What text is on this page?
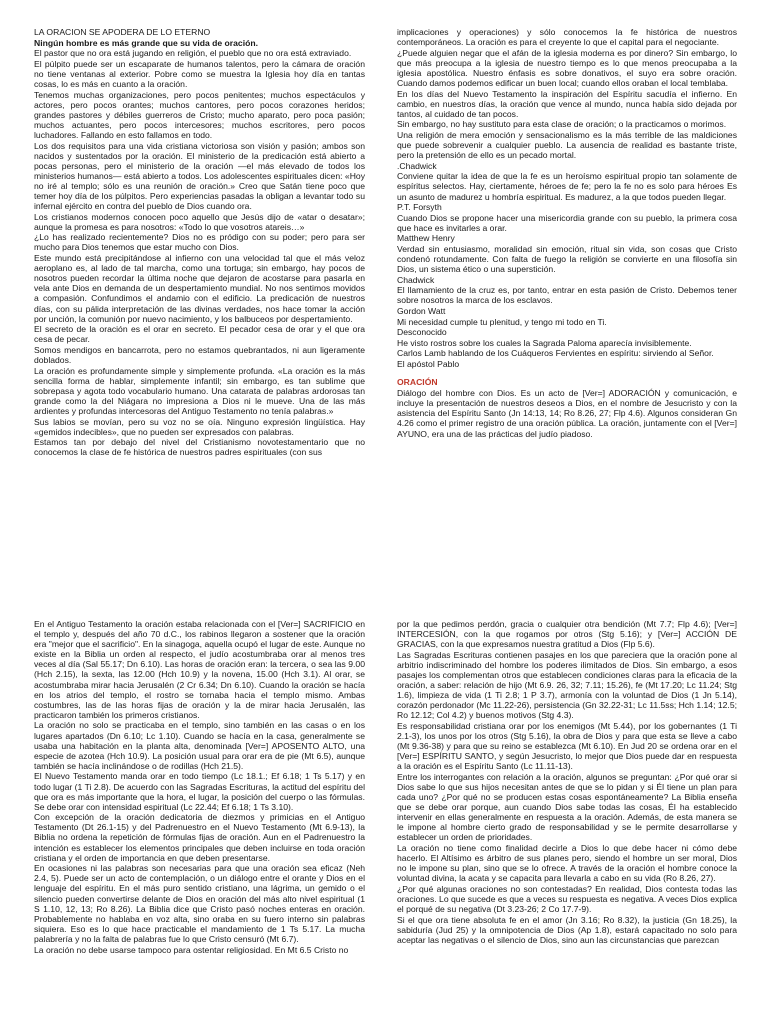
LA ORACION SE APODERA DE LO ETERNO

Ningún hombre es más grande que su vida de oración.

El pastor que no ora está jugando en religión, el pueblo que no ora está extraviado.

El púlpito puede ser un escaparate de humanos talentos, pero la cámara de oración no tiene ventanas al exterior. Pobre como se muestra la Iglesia hoy día en tantas cosas, lo es más en cuanto a la oración.

Tenemos muchas organizaciones, pero pocos penitentes; muchos espectáculos y actores, pero pocos orantes; muchos cantores, pero pocos corazones heridos; grandes pastores y débiles guerreros de Cristo; mucho aparato, pero poca pasión; muchos actuantes, pero pocos intercesores; muchos escritores, pero pocos luchadores. Fallando en esto fallamos en todo.

Los dos requisitos para una vida cristiana victoriosa son visión y pasión; ambos son nacidos y sustentados por la oración. El ministerio de la predicación está abierto a pocas personas, pero el ministerio de la oración —el más elevado de todos los ministerios humanos— está abierto a todos. Los adolescentes espirituales dicen: «Hoy no iré al templo; sólo es una reunión de oración.» Creo que Satán tiene poco que temer hoy día de los púlpitos. Pero experiencias pasadas la obligan a levantar todo su infernal ejército en contra del pueblo de Dios cuando ora.

Los cristianos modernos conocen poco aquello que Jesús dijo de «atar o desatar»; aunque la promesa es para nosotros: «Todo lo que vosotros atareis…»

¿Lo has realizado recientemente? Dios no es pródigo con su poder; pero para ser mucho para Dios tenemos que estar mucho con Dios.

Este mundo está precipitándose al infierno con una velocidad tal que el más veloz aeroplano es, al lado de tal marcha, como una tortuga; sin embargo, hay pocos de nosotros pueden recordar la última noche que dejaron de acostarse para pasarla en vela ante Dios en demanda de un despertamiento mundial. No nos sentimos movidos a compasión. Confundimos el andamio con el edificio. La predicación de nuestros días, con su pálida interpretación de las divinas verdades, nos hace tomar la acción por unción, la comunión por nuevo nacimiento, y los balbuceos por despertamiento.

El secreto de la oración es el orar en secreto. El pecador cesa de orar y el que ora cesa de pecar.

Somos mendigos en bancarrota, pero no estamos quebrantados, ni aun ligeramente doblados.

La oración es profundamente simple y simplemente profunda. «La oración es la más sencilla forma de hablar, simplemente infantil; sin embargo, es tan sublime que sobrepasa y agota todo vocabulario humano. Una catarata de palabras ardorosas tan grande como la del Niágara no impresiona a Dios ni le mueve. Una de las más ardientes y profundas intercesoras del Antiguo Testamento no tenía palabras.»

Sus labios se movían, pero su voz no se oía. Ninguno expresión lingüística. Hay «gemidos indecibles», que no pueden ser expresados con palabras.

Estamos tan por debajo del nivel del Cristianismo novotestamentario que no conocemos la clase de fe histórica de nuestros padres espirituales (con sus

implicaciones y operaciones) y sólo conocemos la fe histórica de nuestros contemporáneos. La oración es para el creyente lo que el capital para el negociante.

¿Puede alguien negar que el afán de la iglesia moderna es por dinero? Sin embargo, lo que más preocupa a la iglesia de nuestro tiempo es lo que menos preocupaba a la iglesia apostólica. Nuestro énfasis es sobre donativos, el suyo era sobre oración. Cuando damos podemos edificar un buen local; cuando ellos oraban el local temblaba.

En los días del Nuevo Testamento la inspiración del Espíritu sacudía el infierno. En cambio, en nuestros días, la oración que vence al mundo, nunca había sido dejada por tantos, al cuidado de tan pocos.

Sin embargo, no hay sustituto para esta clase de oración; o la practicamos o morimos.

Una religión de mera emoción y sensacionalismo es la más terrible de las maldiciones que puede sobrevenir a cualquier pueblo. La ausencia de realidad es bastante triste, pero la pretensión de ello es un pecado mortal.

.Chadwick

Conviene quitar la idea de que la fe es un heroísmo espiritual propio tan solamente de espíritus selectos. Hay, ciertamente, héroes de fe; pero la fe no es solo para héroes Es un asunto de madurez u hombría espiritual. Es madurez, a la que todos pueden llegar.

P.T. Forsyth

Cuando Dios se propone hacer una misericordia grande con su pueblo, la primera cosa que hace es invitarles a orar.

Matthew Henry

Verdad sin entusiasmo, moralidad sin emoción, ritual sin vida, son cosas que Cristo condenó rotundamente. Con falta de fuego la religión se convierte en una filosofía sin Dios, un sistema ético o una superstición.

Chadwick

El llamamiento de la cruz es, por tanto, entrar en esta pasión de Cristo. Debemos tener sobre nosotros la marca de los esclavos.

Gordon Watt

Mi necesidad cumple tu plenitud, y tengo mi todo en Ti.

Desconocido

He visto rostros sobre los cuales la Sagrada Paloma aparecía invisiblemente.

Carlos Lamb hablando de los Cuáqueros Fervientes en espíritu: sirviendo al Señor.

El apóstol Pablo

ORACIÓN

Diálogo del hombre con Dios. Es un acto de [Ver=] ADORACIÓN y comunicación, e incluye la presentación de nuestros deseos a Dios, en el nombre de Jesucristo y con la asistencia del Espíritu Santo (Jn 14:13, 14; Ro 8.26, 27; Flp 4.6). Algunos consideran Gn 4.26 como el primer registro de una oración pública. La oración, juntamente con el [Ver=] AYUNO, era una de las prácticas del judío piadoso.

En el Antiguo Testamento la oración estaba relacionada con el [Ver=] SACRIFICIO en el templo y, después del año 70 d.C., los rabinos llegaron a sostener que la oración era "mejor que el sacrificio". En la sinagoga, aquella ocupó el lugar de este. Aunque no existe en la Biblia un orden al respecto, el judío acostumbraba orar al menos tres veces al día (Sal 55.17; Dn 6.10). Las horas de oración eran: la tercera, o sea las 9.00 (Hch 2.15), la sexta, las 12.00 (Hch 10.9) y la novena, 15.00 (Hch 3.1). Al orar, se acostumbraba mirar hacia Jerusalén (2 Cr 6.34; Dn 6.10). Cuando la oración se hacía en los atrios del templo, el rostro se tornaba hacia el templo mismo. Ambas costumbres, las de las horas fijas de oración y la de mirar hacia Jerusalén, las practicaron también los primeros cristianos.

La oración no solo se practicaba en el templo, sino también en las casas o en los lugares apartados (Dn 6.10; Lc 1.10). Cuando se hacía en la casa, generalmente se usaba una habitación en la planta alta, denominada [Ver=] APOSENTO ALTO, una especie de azotea (Hch 10.9). La posición usual para orar era de pie (Mt 6.5), aunque también se hacía inclinándose o de rodillas (Hch 21.5).

El Nuevo Testamento manda orar en todo tiempo (Lc 18.1.; Ef 6.18; 1 Ts 5.17) y en todo lugar (1 Ti 2.8). De acuerdo con las Sagradas Escrituras, la actitud del espíritu del que ora es más importante que la hora, el lugar, la posición del cuerpo o las fórmulas. Se debe orar con intensidad espiritual (Lc 22.44; Ef 6.18; 1 Ts 3.10).

Con excepción de la oración dedicatoria de diezmos y primicias en el Antiguo Testamento (Dt 26.1-15) y del Padrenuestro en el Nuevo Testamento (Mt 6.9-13), la Biblia no ordena la repetición de fórmulas fijas de oración. Aun en el Padrenuestro la intención es establecer los elementos principales que deben incluirse en toda oración cristiana y el orden de importancia en que deben presentarse.

En ocasiones ni las palabras son necesarias para que una oración sea eficaz (Neh 2.4, 5). Puede ser un acto de contemplación, o un diálogo entre el orante y Dios en el lenguaje del espíritu. En el más puro sentido cristiano, una lágrima, un gemido o el silencio pueden convertirse delante de Dios en oración del más alto nivel espiritual (1 S 1.10, 12, 13; Ro 8.26). La Biblia dice que Cristo pasó noches enteras en oración. Probablemente no hablaba en voz alta, sino oraba en su fuero interno sin palabras siquiera. Eso es lo que hace practicable el mandamiento de 1 Ts 5.17. La mucha palabrería y no la falta de palabras fue lo que Cristo censuró (Mt 6.7).

La oración no debe usarse tampoco para ostentar religiosidad. En Mt 6.5 Cristo no

por la que pedimos perdón, gracia o cualquier otra bendición (Mt 7.7; Flp 4.6); [Ver=] INTERCESIÓN, con la que rogamos por otros (Stg 5.16); y [Ver=] ACCIÓN DE GRACIAS, con la que expresamos nuestra gratitud a Dios (Flp 5.6).

Las Sagradas Escrituras contienen pasajes en los que pareciera que la oración pone al arbitrio indiscriminado del hombre los poderes ilimitados de Dios. Sin embargo, a esos pasajes los complementan otros que establecen condiciones claras para la eficacia de la oración, a saber: relación de hijo (Mt 6.9. 26, 32; 7.11; 15.26), fe (Mt 17.20; Lc 11.24; Stg 1.6), limpieza de vida (1 Ti 2.8; 1 P 3.7), armonía con la voluntad de Dios (1 Jn 5.14), corazón perdonador (Mc 11.22-26), persistencia (Gn 32.22-31; Lc 11.5ss; Hch 1.14; 12.5; Ro 12.12; Col 4.2) y buenos motivos (Stg 4.3).

Es responsabilidad cristiana orar por los enemigos (Mt 5.44), por los gobernantes (1 Ti 2.1-3), los unos por los otros (Stg 5.16), la obra de Dios y para que esta se lleve a cabo (Mt 9.36-38) y para que su reino se establezca (Mt 6.10). En Jud 20 se ordena orar en el [Ver=] ESPÍRITU SANTO, y según Jesucristo, lo mejor que Dios puede dar en respuesta a la oración es el Espíritu Santo (Lc 11.11-13).

Entre los interrogantes con relación a la oración, algunos se preguntan: ¿Por qué orar si Dios sabe lo que sus hijos necesitan antes de que se lo pidan y si Él tiene un plan para cada uno? ¿Por qué no se producen estas cosas espontáneamente? La Biblia enseña que se debe orar porque, aun cuando Dios sabe todas las cosas, Él ha establecido intervenir en ellas generalmente en respuesta a la oración. Además, de esta manera se le impone al hombre cierto grado de responsabilidad y se le permite desarrollarse y establecer un orden de prioridades.

La oración no tiene como finalidad decirle a Dios lo que debe hacer ni cómo debe hacerlo. El Altísimo es árbitro de sus planes pero, siendo el hombre un ser moral, Dios no le impone su plan, sino que se lo ofrece. A través de la oración el hombre conoce la voluntad divina, la acata y se capacita para llevarla a cabo en su vida (Ro 8.26, 27).

¿Por qué algunas oraciones no son contestadas? En realidad, Dios contesta todas las oraciones. Lo que sucede es que a veces su respuesta es negativa. A veces Dios explica el porqué de su negativa (Dt 3.23-26; 2 Co 17.7-9).

Si el que ora tiene absoluta fe en el amor (Jn 3.16; Ro 8.32), la justicia (Gn 18.25), la sabiduría (Jud 25) y la omnipotencia de Dios (Ap 1.8), estará capacitado no solo para aceptar las negativas o el silencio de Dios, sino aun las circunstancias que parezcan
